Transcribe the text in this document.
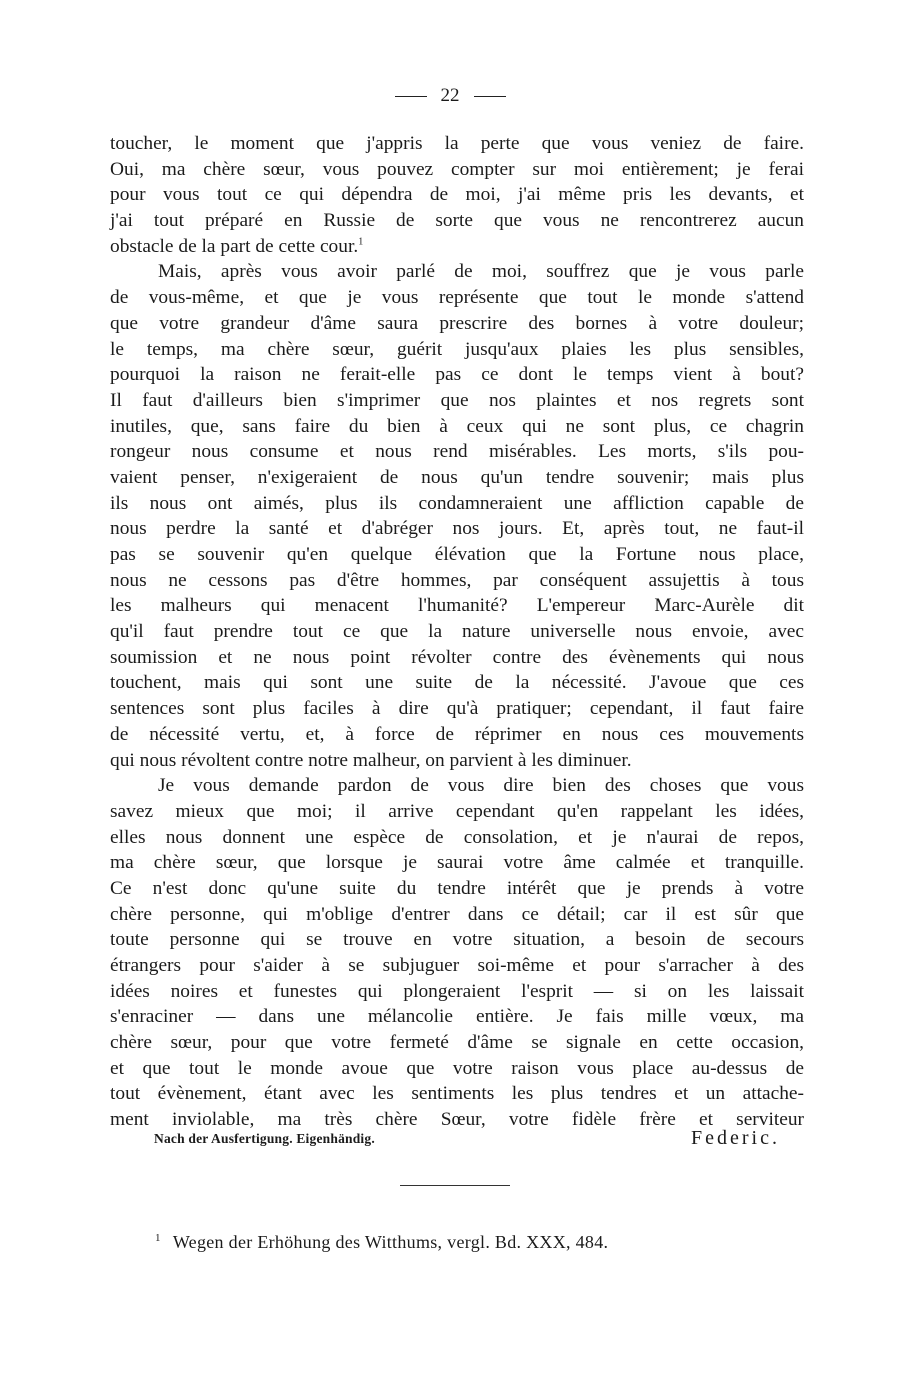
22
toucher, le moment que j'appris la perte que vous veniez de faire.
Oui, ma chère sœur, vous pouvez compter sur moi entièrement; je ferai
pour vous tout ce qui dépendra de moi, j'ai même pris les devants, et
j'ai tout préparé en Russie de sorte que vous ne rencontrerez aucun
obstacle de la part de cette cour.$^1$
Mais, après vous avoir parlé de moi, souffrez que je vous parle
de vous-même, et que je vous représente que tout le monde s'attend
que votre grandeur d'âme saura prescrire des bornes à votre douleur;
le temps, ma chère sœur, guérit jusqu'aux plaies les plus sensibles,
pourquoi la raison ne ferait-elle pas ce dont le temps vient à bout?
Il faut d'ailleurs bien s'imprimer que nos plaintes et nos regrets sont
inutiles, que, sans faire du bien à ceux qui ne sont plus, ce chagrin
rongeur nous consume et nous rend misérables. Les morts, s'ils pou-
vaient penser, n'exigeraient de nous qu'un tendre souvenir; mais plus
ils nous ont aimés, plus ils condamneraient une affliction capable de
nous perdre la santé et d'abréger nos jours. Et, après tout, ne faut-il
pas se souvenir qu'en quelque élévation que la Fortune nous place,
nous ne cessons pas d'être hommes, par conséquent assujettis à tous
les malheurs qui menacent l'humanité? L'empereur Marc-Aurèle dit
qu'il faut prendre tout ce que la nature universelle nous envoie, avec
soumission et ne nous point révolter contre des évènements qui nous
touchent, mais qui sont une suite de la nécessité. J'avoue que ces
sentences sont plus faciles à dire qu'à pratiquer; cependant, il faut faire
de nécessité vertu, et, à force de réprimer en nous ces mouvements
qui nous révoltent contre notre malheur, on parvient à les diminuer.
Je vous demande pardon de vous dire bien des choses que vous
savez mieux que moi; il arrive cependant qu'en rappelant les idées,
elles nous donnent une espèce de consolation, et je n'aurai de repos,
ma chère sœur, que lorsque je saurai votre âme calmée et tranquille.
Ce n'est donc qu'une suite du tendre intérêt que je prends à votre
chère personne, qui m'oblige d'entrer dans ce détail; car il est sûr que
toute personne qui se trouve en votre situation, a besoin de secours
étrangers pour s'aider à se subjuguer soi-même et pour s'arracher à des
idées noires et funestes qui plongeraient l'esprit — si on les laissait
s'enraciner — dans une mélancolie entière. Je fais mille vœux, ma
chère sœur, pour que votre fermeté d'âme se signale en cette occasion,
et que tout le monde avoue que votre raison vous place au-dessus de
tout évènement, étant avec les sentiments les plus tendres et un attache-
ment inviolable, ma très chère Sœur, votre fidèle frère et serviteur
Nach der Ausfertigung. Eigenhändig.	Federic.
$^1$ Wegen der Erhöhung des Witthums, vergl. Bd. XXX, 484.
